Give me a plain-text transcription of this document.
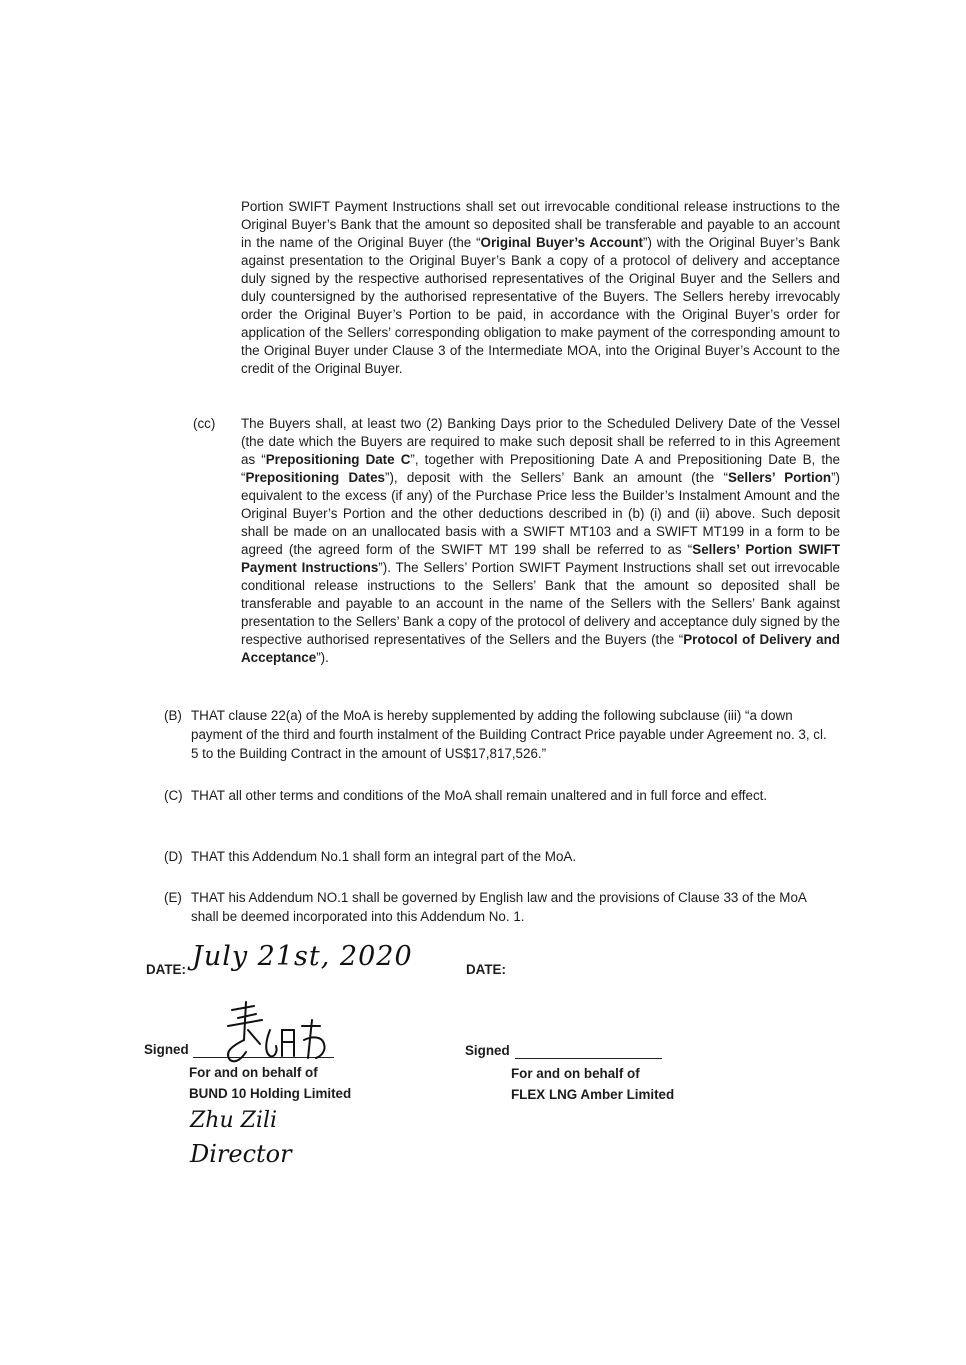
Portion SWIFT Payment Instructions shall set out irrevocable conditional release instructions to the Original Buyer’s Bank that the amount so deposited shall be transferable and payable to an account in the name of the Original Buyer (the “Original Buyer’s Account”) with the Original Buyer’s Bank against presentation to the Original Buyer’s Bank a copy of a protocol of delivery and acceptance duly signed by the respective authorised representatives of the Original Buyer and the Sellers and duly countersigned by the authorised representative of the Buyers. The Sellers hereby irrevocably order the Original Buyer’s Portion to be paid, in accordance with the Original Buyer’s order for application of the Sellers’ corresponding obligation to make payment of the corresponding amount to the Original Buyer under Clause 3 of the Intermediate MOA, into the Original Buyer’s Account to the credit of the Original Buyer.

(cc) The Buyers shall, at least two (2) Banking Days prior to the Scheduled Delivery Date of the Vessel (the date which the Buyers are required to make such deposit shall be referred to in this Agreement as “Prepositioning Date C”, together with Prepositioning Date A and Prepositioning Date B, the “Prepositioning Dates”), deposit with the Sellers’ Bank an amount (the “Sellers’ Portion”) equivalent to the excess (if any) of the Purchase Price less the Builder’s Instalment Amount and the Original Buyer’s Portion and the other deductions described in (b) (i) and (ii) above. Such deposit shall be made on an unallocated basis with a SWIFT MT103 and a SWIFT MT199 in a form to be agreed (the agreed form of the SWIFT MT 199 shall be referred to as “Sellers’ Portion SWIFT Payment Instructions”). The Sellers’ Portion SWIFT Payment Instructions shall set out irrevocable conditional release instructions to the Sellers’ Bank that the amount so deposited shall be transferable and payable to an account in the name of the Sellers with the Sellers’ Bank against presentation to the Sellers’ Bank a copy of the protocol of delivery and acceptance duly signed by the respective authorised representatives of the Sellers and the Buyers (the “Protocol of Delivery and Acceptance”).

(B) THAT clause 22(a) of the MoA is hereby supplemented by adding the following subclause (iii) “a down payment of the third and fourth instalment of the Building Contract Price payable under Agreement no. 3, cl. 5 to the Building Contract in the amount of US$17,817,526.”

(C) THAT all other terms and conditions of the MoA shall remain unaltered and in full force and effect.

(D) THAT this Addendum No.1 shall form an integral part of the MoA.

(E) THAT his Addendum NO.1 shall be governed by English law and the provisions of Clause 33 of the MoA shall be deemed incorporated into this Addendum No. 1.

DATE: July 21st, 2020
Signed
For and on behalf of
BUND 10 Holding Limited
Zhu Zili
Director
DATE:
Signed
For and on behalf of
FLEX LNG Amber Limited
